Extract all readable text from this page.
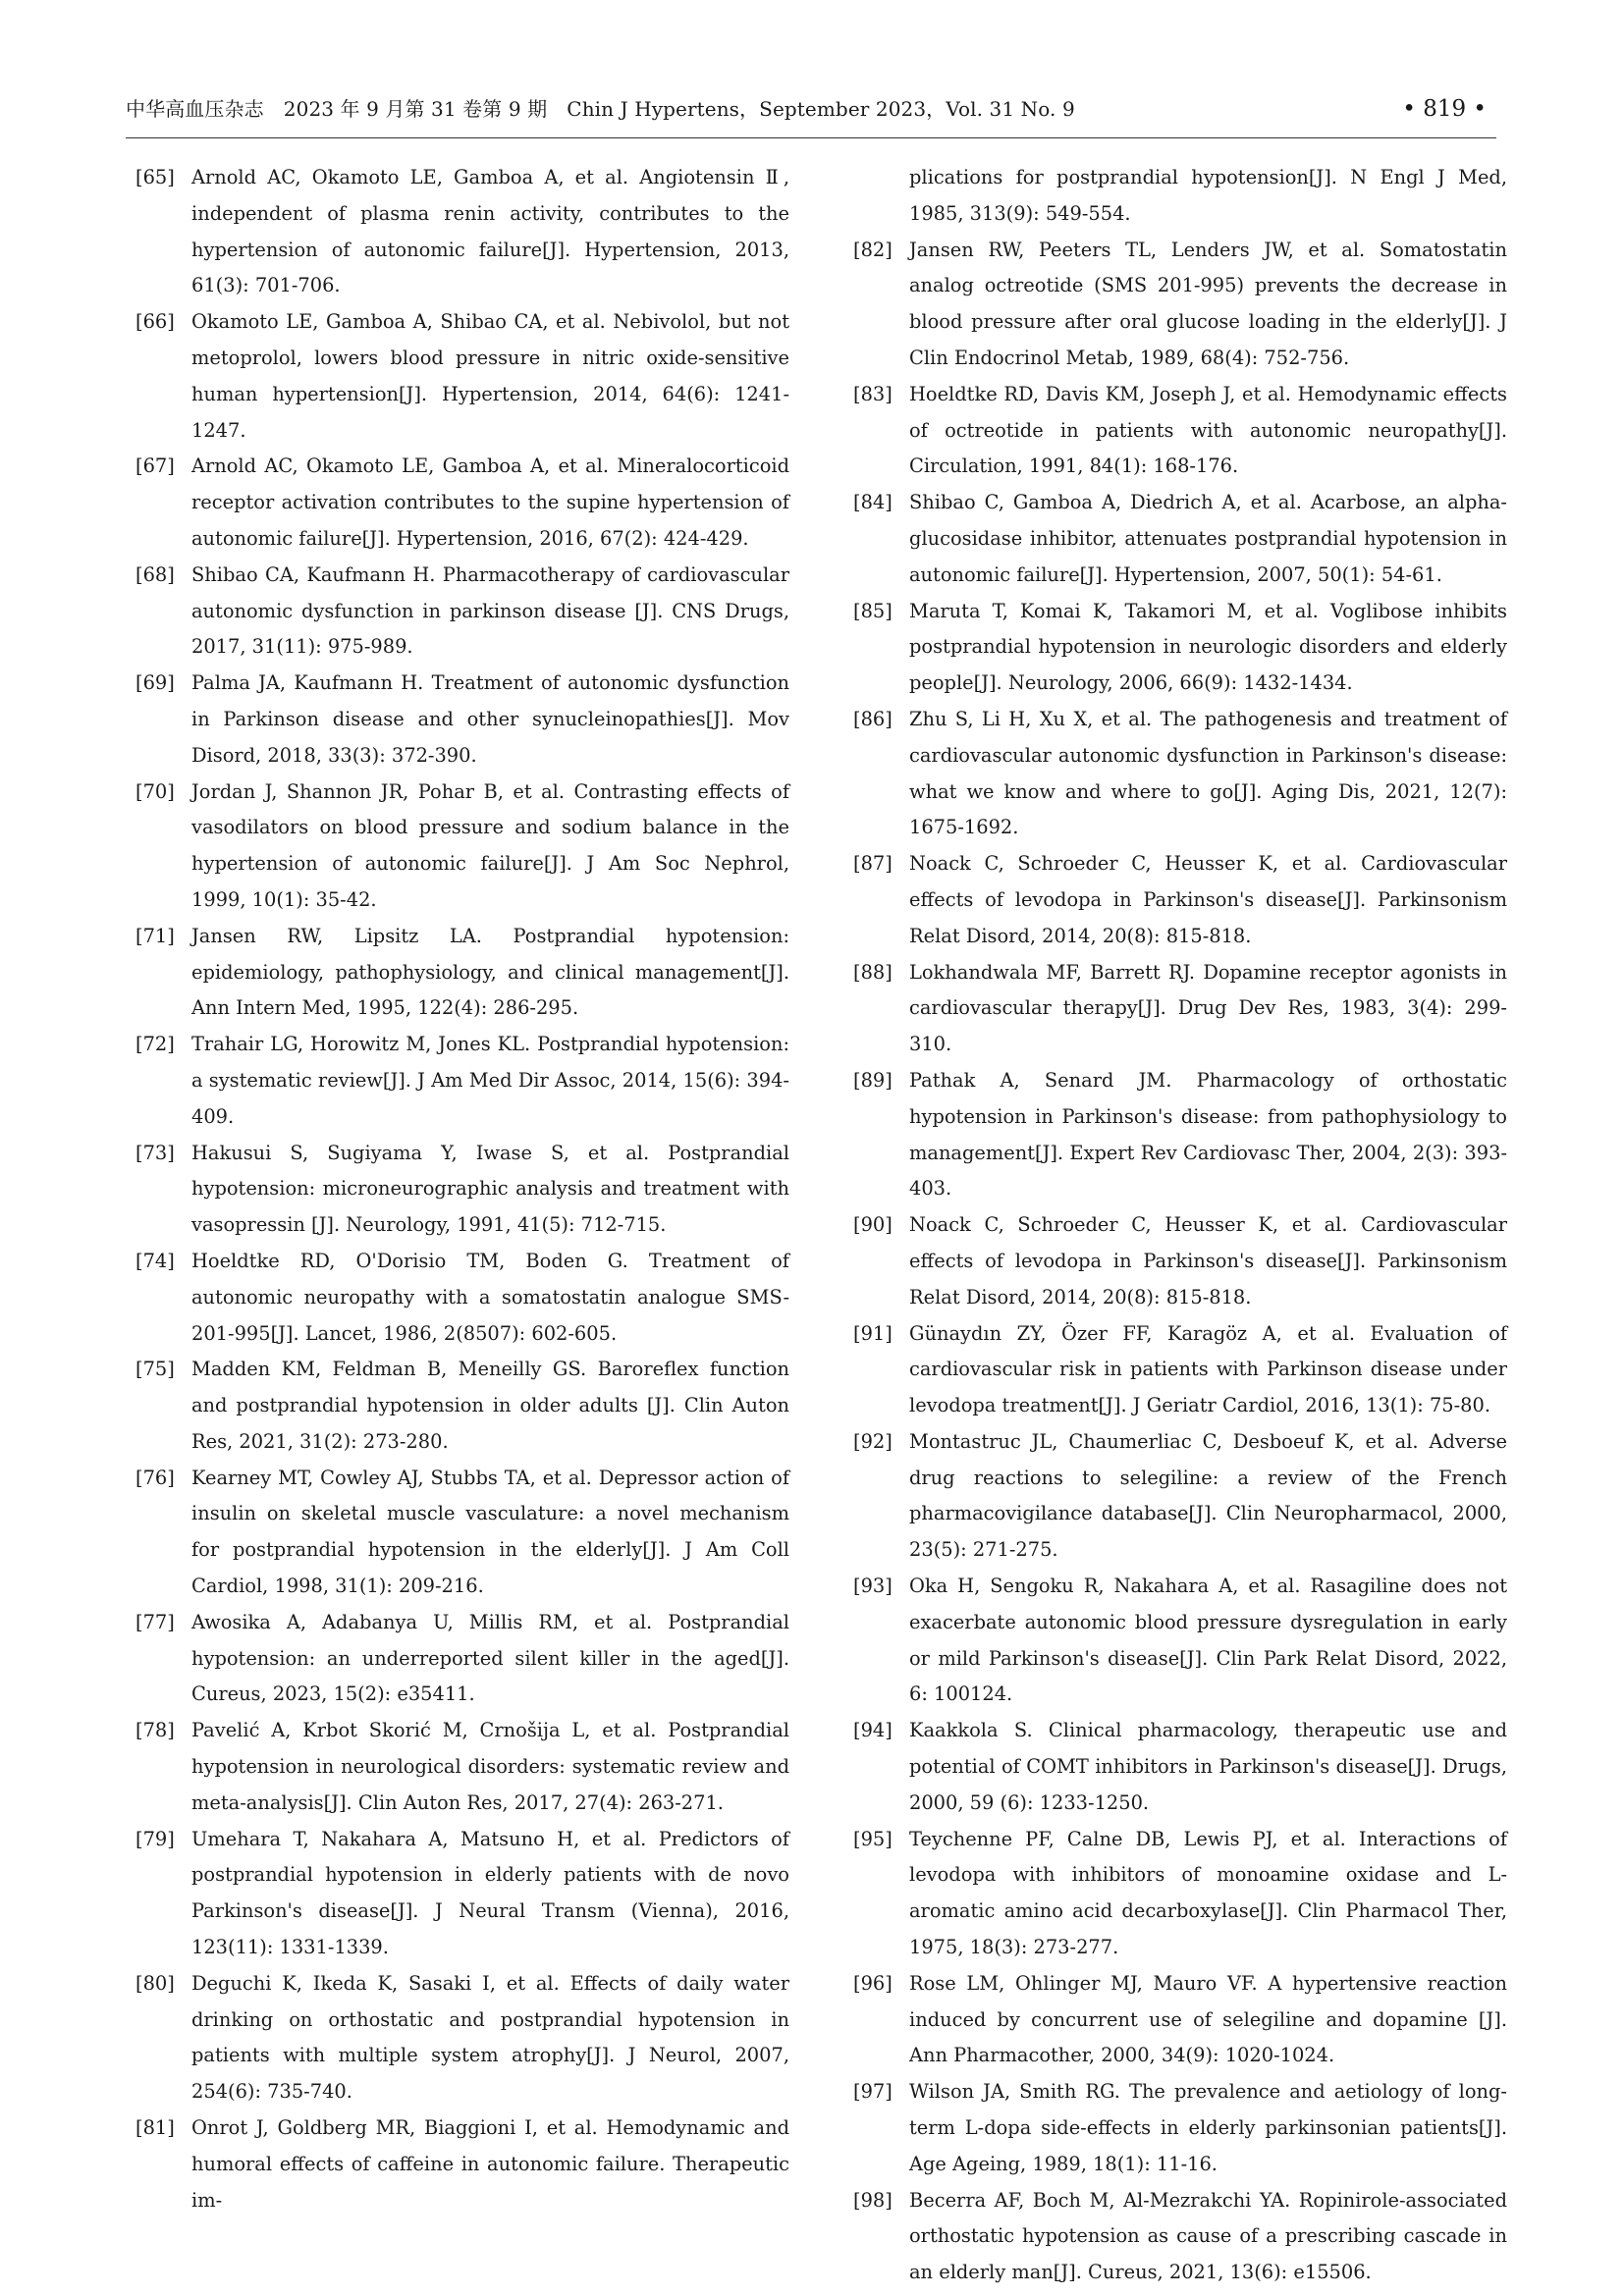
中华高血压杂志　2023 年 9 月第 31 卷第 9 期　Chin J Hypertens，September 2023，Vol. 31 No. 9	• 819 •
[65] Arnold AC, Okamoto LE, Gamboa A, et al. Angiotensin Ⅱ, independent of plasma renin activity, contributes to the hypertension of autonomic failure[J]. Hypertension, 2013, 61(3): 701-706.
[66] Okamoto LE, Gamboa A, Shibao CA, et al. Nebivolol, but not metoprolol, lowers blood pressure in nitric oxide-sensitive human hypertension[J]. Hypertension, 2014, 64(6): 1241-1247.
[67] Arnold AC, Okamoto LE, Gamboa A, et al. Mineralocorticoid receptor activation contributes to the supine hypertension of autonomic failure[J]. Hypertension, 2016, 67(2): 424-429.
[68] Shibao CA, Kaufmann H. Pharmacotherapy of cardiovascular autonomic dysfunction in parkinson disease [J]. CNS Drugs, 2017, 31(11): 975-989.
[69] Palma JA, Kaufmann H. Treatment of autonomic dysfunction in Parkinson disease and other synucleinopathies[J]. Mov Disord, 2018, 33(3): 372-390.
[70] Jordan J, Shannon JR, Pohar B, et al. Contrasting effects of vasodilators on blood pressure and sodium balance in the hypertension of autonomic failure[J]. J Am Soc Nephrol, 1999, 10(1): 35-42.
[71] Jansen RW, Lipsitz LA. Postprandial hypotension: epidemiology, pathophysiology, and clinical management[J]. Ann Intern Med, 1995, 122(4): 286-295.
[72] Trahair LG, Horowitz M, Jones KL. Postprandial hypotension: a systematic review[J]. J Am Med Dir Assoc, 2014, 15(6): 394-409.
[73] Hakusui S, Sugiyama Y, Iwase S, et al. Postprandial hypotension: microneurographic analysis and treatment with vasopressin [J]. Neurology, 1991, 41(5): 712-715.
[74] Hoeldtke RD, O'Dorisio TM, Boden G. Treatment of autonomic neuropathy with a somatostatin analogue SMS-201-995[J]. Lancet, 1986, 2(8507): 602-605.
[75] Madden KM, Feldman B, Meneilly GS. Baroreflex function and postprandial hypotension in older adults [J]. Clin Auton Res, 2021, 31(2): 273-280.
[76] Kearney MT, Cowley AJ, Stubbs TA, et al. Depressor action of insulin on skeletal muscle vasculature: a novel mechanism for postprandial hypotension in the elderly[J]. J Am Coll Cardiol, 1998, 31(1): 209-216.
[77] Awosika A, Adabanya U, Millis RM, et al. Postprandial hypotension: an underreported silent killer in the aged[J]. Cureus, 2023, 15(2): e35411.
[78] Pavelić A, Krbot Skorić M, Crnošija L, et al. Postprandial hypotension in neurological disorders: systematic review and meta-analysis[J]. Clin Auton Res, 2017, 27(4): 263-271.
[79] Umehara T, Nakahara A, Matsuno H, et al. Predictors of postprandial hypotension in elderly patients with de novo Parkinson's disease[J]. J Neural Transm (Vienna), 2016, 123(11): 1331-1339.
[80] Deguchi K, Ikeda K, Sasaki I, et al. Effects of daily water drinking on orthostatic and postprandial hypotension in patients with multiple system atrophy[J]. J Neurol, 2007, 254(6): 735-740.
[81] Onrot J, Goldberg MR, Biaggioni I, et al. Hemodynamic and humoral effects of caffeine in autonomic failure. Therapeutic im-
plications for postprandial hypotension[J]. N Engl J Med, 1985, 313(9): 549-554.
[82] Jansen RW, Peeters TL, Lenders JW, et al. Somatostatin analog octreotide (SMS 201-995) prevents the decrease in blood pressure after oral glucose loading in the elderly[J]. J Clin Endocrinol Metab, 1989, 68(4): 752-756.
[83] Hoeldtke RD, Davis KM, Joseph J, et al. Hemodynamic effects of octreotide in patients with autonomic neuropathy[J]. Circulation, 1991, 84(1): 168-176.
[84] Shibao C, Gamboa A, Diedrich A, et al. Acarbose, an alpha-glucosidase inhibitor, attenuates postprandial hypotension in autonomic failure[J]. Hypertension, 2007, 50(1): 54-61.
[85] Maruta T, Komai K, Takamori M, et al. Voglibose inhibits postprandial hypotension in neurologic disorders and elderly people[J]. Neurology, 2006, 66(9): 1432-1434.
[86] Zhu S, Li H, Xu X, et al. The pathogenesis and treatment of cardiovascular autonomic dysfunction in Parkinson's disease: what we know and where to go[J]. Aging Dis, 2021, 12(7): 1675-1692.
[87] Noack C, Schroeder C, Heusser K, et al. Cardiovascular effects of levodopa in Parkinson's disease[J]. Parkinsonism Relat Disord, 2014, 20(8): 815-818.
[88] Lokhandwala MF, Barrett RJ. Dopamine receptor agonists in cardiovascular therapy[J]. Drug Dev Res, 1983, 3(4): 299-310.
[89] Pathak A, Senard JM. Pharmacology of orthostatic hypotension in Parkinson's disease: from pathophysiology to management[J]. Expert Rev Cardiovasc Ther, 2004, 2(3): 393-403.
[90] Noack C, Schroeder C, Heusser K, et al. Cardiovascular effects of levodopa in Parkinson's disease[J]. Parkinsonism Relat Disord, 2014, 20(8): 815-818.
[91] Günaydın ZY, Özer FF, Karagöz A, et al. Evaluation of cardiovascular risk in patients with Parkinson disease under levodopa treatment[J]. J Geriatr Cardiol, 2016, 13(1): 75-80.
[92] Montastruc JL, Chaumerliac C, Desboeuf K, et al. Adverse drug reactions to selegiline: a review of the French pharmacovigilance database[J]. Clin Neuropharmacol, 2000, 23(5): 271-275.
[93] Oka H, Sengoku R, Nakahara A, et al. Rasagiline does not exacerbate autonomic blood pressure dysregulation in early or mild Parkinson's disease[J]. Clin Park Relat Disord, 2022, 6: 100124.
[94] Kaakkola S. Clinical pharmacology, therapeutic use and potential of COMT inhibitors in Parkinson's disease[J]. Drugs, 2000, 59 (6): 1233-1250.
[95] Teychenne PF, Calne DB, Lewis PJ, et al. Interactions of levodopa with inhibitors of monoamine oxidase and L-aromatic amino acid decarboxylase[J]. Clin Pharmacol Ther, 1975, 18(3): 273-277.
[96] Rose LM, Ohlinger MJ, Mauro VF. A hypertensive reaction induced by concurrent use of selegiline and dopamine [J]. Ann Pharmacother, 2000, 34(9): 1020-1024.
[97] Wilson JA, Smith RG. The prevalence and aetiology of long-term L-dopa side-effects in elderly parkinsonian patients[J]. Age Ageing, 1989, 18(1): 11-16.
[98] Becerra AF, Boch M, Al-Mezrakchi YA. Ropinirole-associated orthostatic hypotension as cause of a prescribing cascade in an elderly man[J]. Cureus, 2021, 13(6): e15506.
